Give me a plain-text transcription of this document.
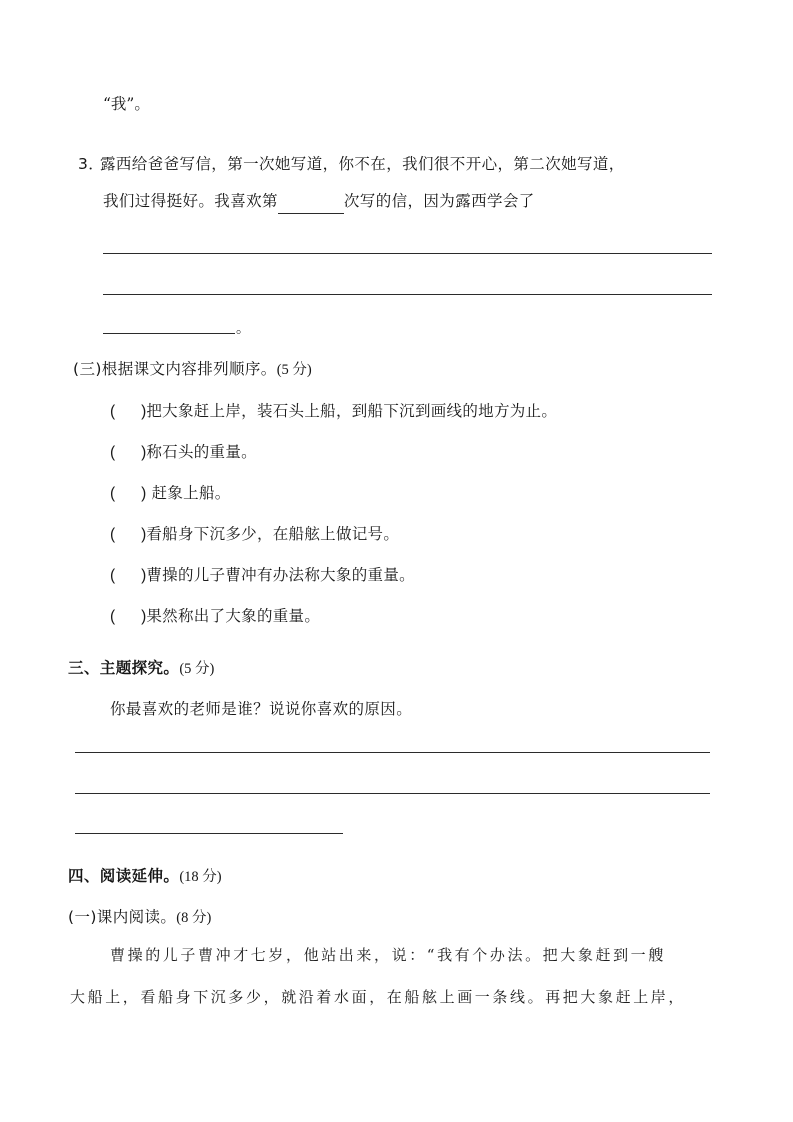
“我”。
3．
露西给爸爸写信，第一次她写道，你不在，我们很不开心，第二次她写道，
我们过得挺好。我喜欢第	次写的信，因为露西学会了
。
(三)根据课文内容排列顺序。(5 分)
( )把大象赶上岸，装石头上船，到船下沉到画线的地方为止。
( )称石头的重量。
( ) 赶象上船。
( )看船身下沉多少，在船舷上做记号。
( )曹操的儿子曹冲有办法称大象的重量。
( )果然称出了大象的重量。
三、主题探究。(5 分)
你最喜欢的老师是谁？说说你喜欢的原因。
四、阅读延伸。(18 分)
(一)课内阅读。(8 分)
曹操的儿子曹冲才七岁，他站出来，说：“我有个办法。把大象赶到一艘
大船上，看船身下沉多少，就沿着水面，在船舷上画一条线。再把大象赶上岸，
